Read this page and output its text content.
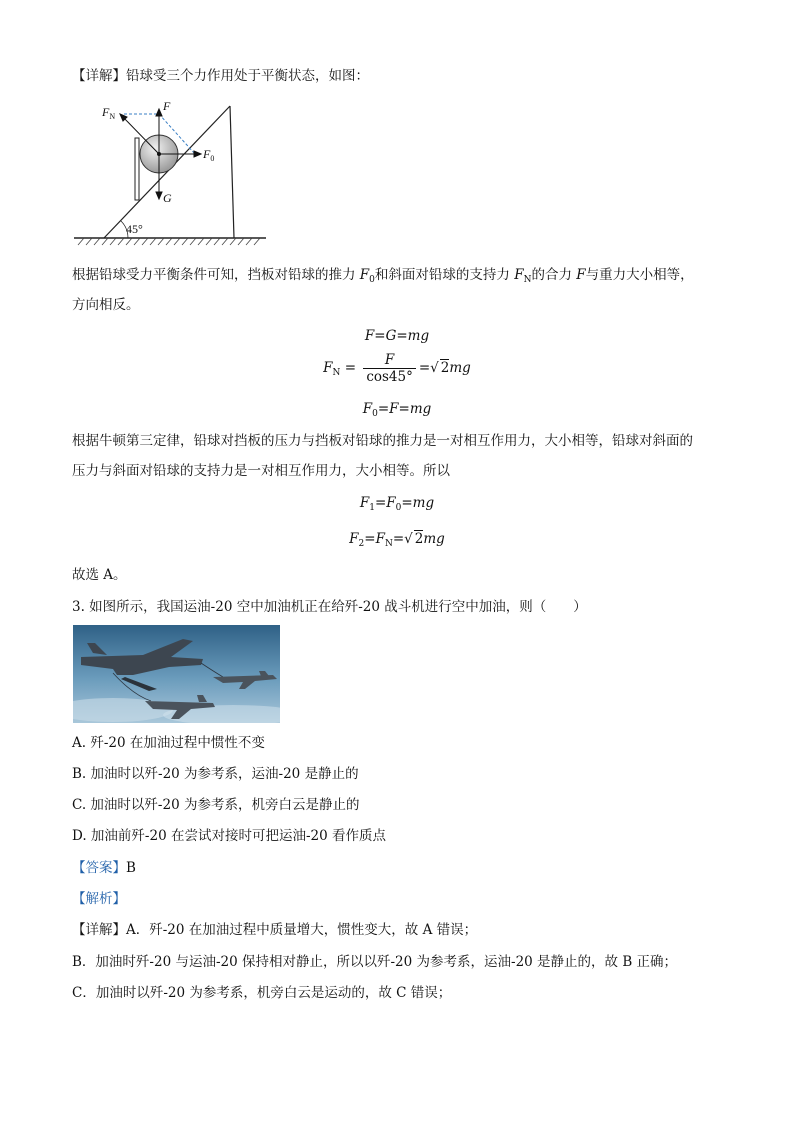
【详解】铅球受三个力作用处于平衡状态，如图：
$F_N$
F
$F_0$
G
45°
根据铅球受力平衡条件可知，挡板对铅球的推力 $F_0$和斜面对铅球的支持力 $F_N$的合力 F与重力大小相等，
方向相反。
F=G=mg
$F_N = \frac{F}{\cos 45^\circ}$ =√ 2mg
$F_0=F=mg$
根据牛顿第三定律，铅球对挡板的压力与挡板对铅球的推力是一对相互作用力，大小相等，铅球对斜面的
压力与斜面对铅球的支持力是一对相互作用力，大小相等。所以
$F_1=F_0=mg$
$F_2=F_N=√$ 2mg
故选 A。
3. 如图所示，我国运油-20 空中加油机正在给歼-20 战斗机进行空中加油，则（　　）
A. 歼-20 在加油过程中惯性不变
B. 加油时以歼-20 为参考系，运油-20 是静止的
C. 加油时以歼-20 为参考系，机旁白云是静止的
D. 加油前歼-20 在尝试对接时可把运油-20 看作质点
【答案】B
【解析】
【详解】A．歼-20 在加油过程中质量增大，惯性变大，故 A 错误；
B．加油时歼-20 与运油-20 保持相对静止，所以以歼-20 为参考系，运油-20 是静止的，故 B 正确；
C．加油时以歼-20 为参考系，机旁白云是运动的，故 C 错误；
